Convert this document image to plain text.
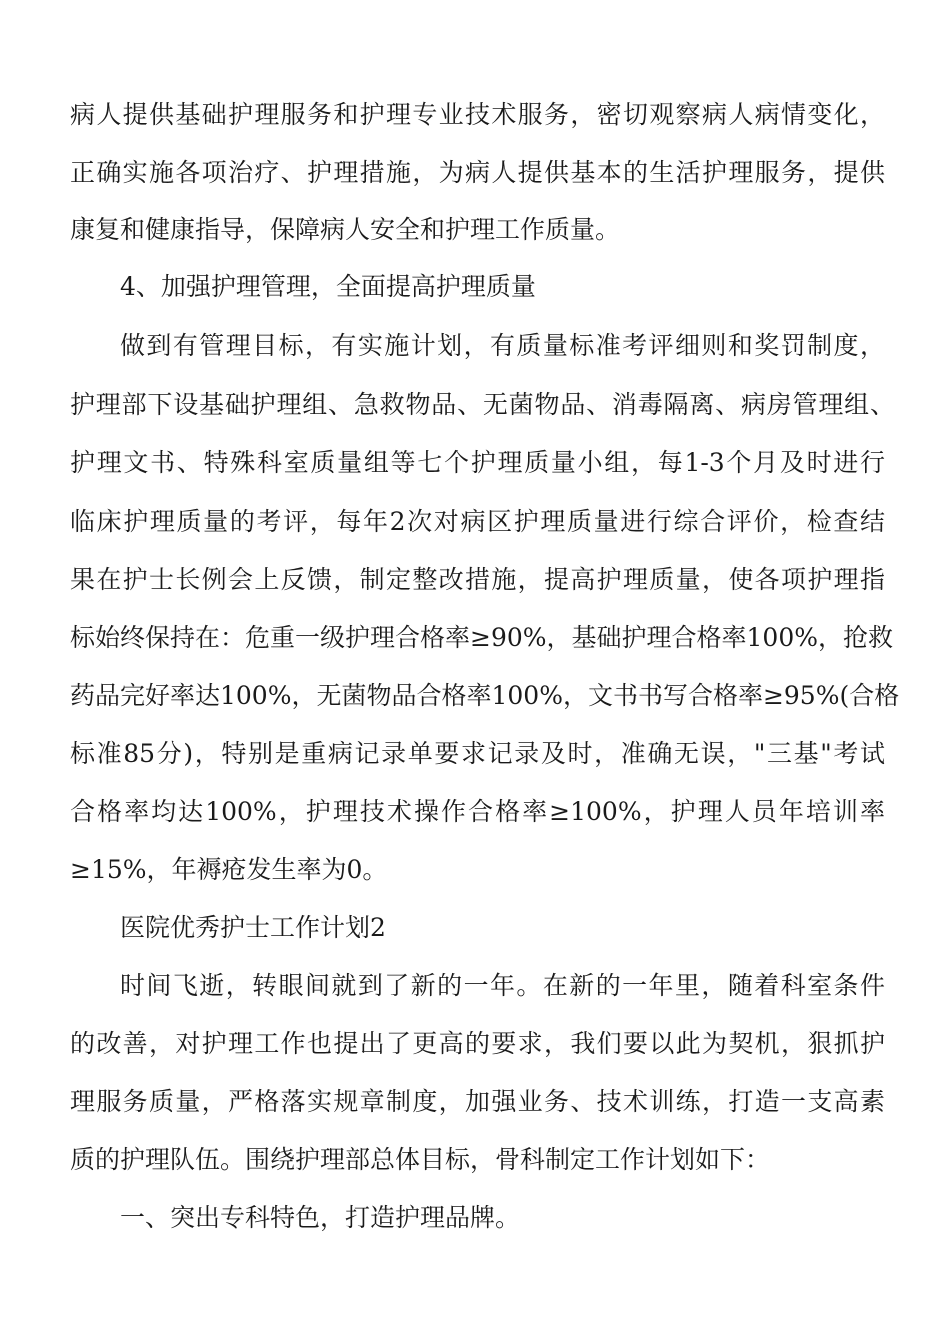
病人提供基础护理服务和护理专业技术服务，密切观察病人病情变化，
正确实施各项治疗、护理措施，为病人提供基本的生活护理服务，提供
康复和健康指导，保障病人安全和护理工作质量。
4、加强护理管理，全面提高护理质量
做到有管理目标，有实施计划，有质量标准考评细则和奖罚制度，
护理部下设基础护理组、急救物品、无菌物品、消毒隔离、病房管理组、
护理文书、特殊科室质量组等七个护理质量小组，每1-3个月及时进行
临床护理质量的考评，每年2次对病区护理质量进行综合评价，检查结
果在护士长例会上反馈，制定整改措施，提高护理质量，使各项护理指
标始终保持在：危重一级护理合格率≥90%，基础护理合格率100%，抢救
药品完好率达100%，无菌物品合格率100%，文书书写合格率≥95%(合格
标准85分)，特别是重病记录单要求记录及时，准确无误，"三基"考试
合格率均达100%，护理技术操作合格率≥100%，护理人员年培训率
≥15%，年褥疮发生率为0。
医院优秀护士工作计划2
时间飞逝，转眼间就到了新的一年。在新的一年里，随着科室条件
的改善，对护理工作也提出了更高的要求，我们要以此为契机，狠抓护
理服务质量，严格落实规章制度，加强业务、技术训练，打造一支高素
质的护理队伍。围绕护理部总体目标，骨科制定工作计划如下：
一、突出专科特色，打造护理品牌。
